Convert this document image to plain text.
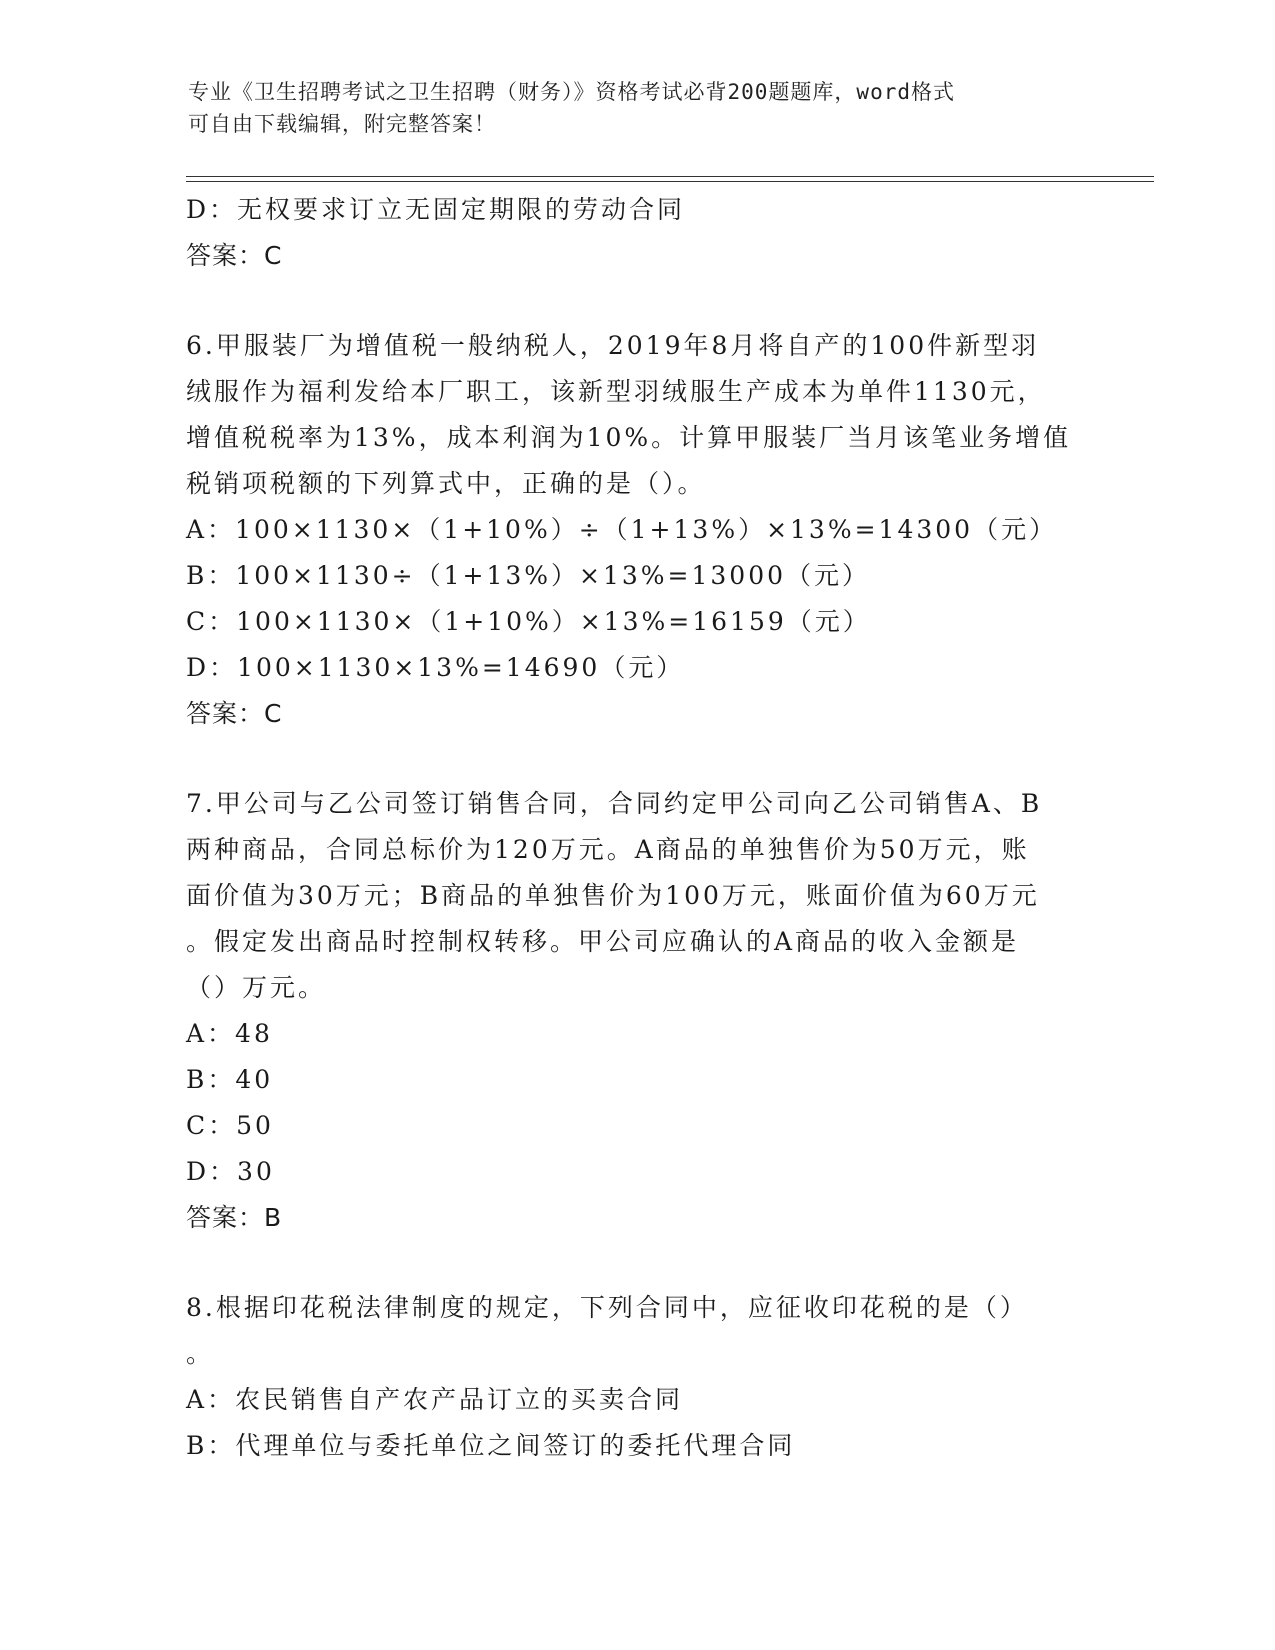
专业《卫生招聘考试之卫生招聘（财务）》资格考试必背200题题库，word格式
可自由下载编辑，附完整答案！
D：无权要求订立无固定期限的劳动合同
答案：C
6.甲服装厂为增值税一般纳税人，2019年8月将自产的100件新型羽
绒服作为福利发给本厂职工，该新型羽绒服生产成本为单件1130元，
增值税税率为13%，成本利润为10%。计算甲服装厂当月该笔业务增值
税销项税额的下列算式中，正确的是（）。
A：100×1130×（1+10%）÷（1+13%）×13%=14300（元）
B：100×1130÷（1+13%）×13%=13000（元）
C：100×1130×（1+10%）×13%=16159（元）
D：100×1130×13%=14690（元）
答案：C
7.甲公司与乙公司签订销售合同，合同约定甲公司向乙公司销售A、B
两种商品，合同总标价为120万元。A商品的单独售价为50万元，账
面价值为30万元；B商品的单独售价为100万元，账面价值为60万元
。假定发出商品时控制权转移。甲公司应确认的A商品的收入金额是
（）万元。
A：48
B：40
C：50
D：30
答案：B
8.根据印花税法律制度的规定，下列合同中，应征收印花税的是（）
。
A：农民销售自产农产品订立的买卖合同
B：代理单位与委托单位之间签订的委托代理合同
